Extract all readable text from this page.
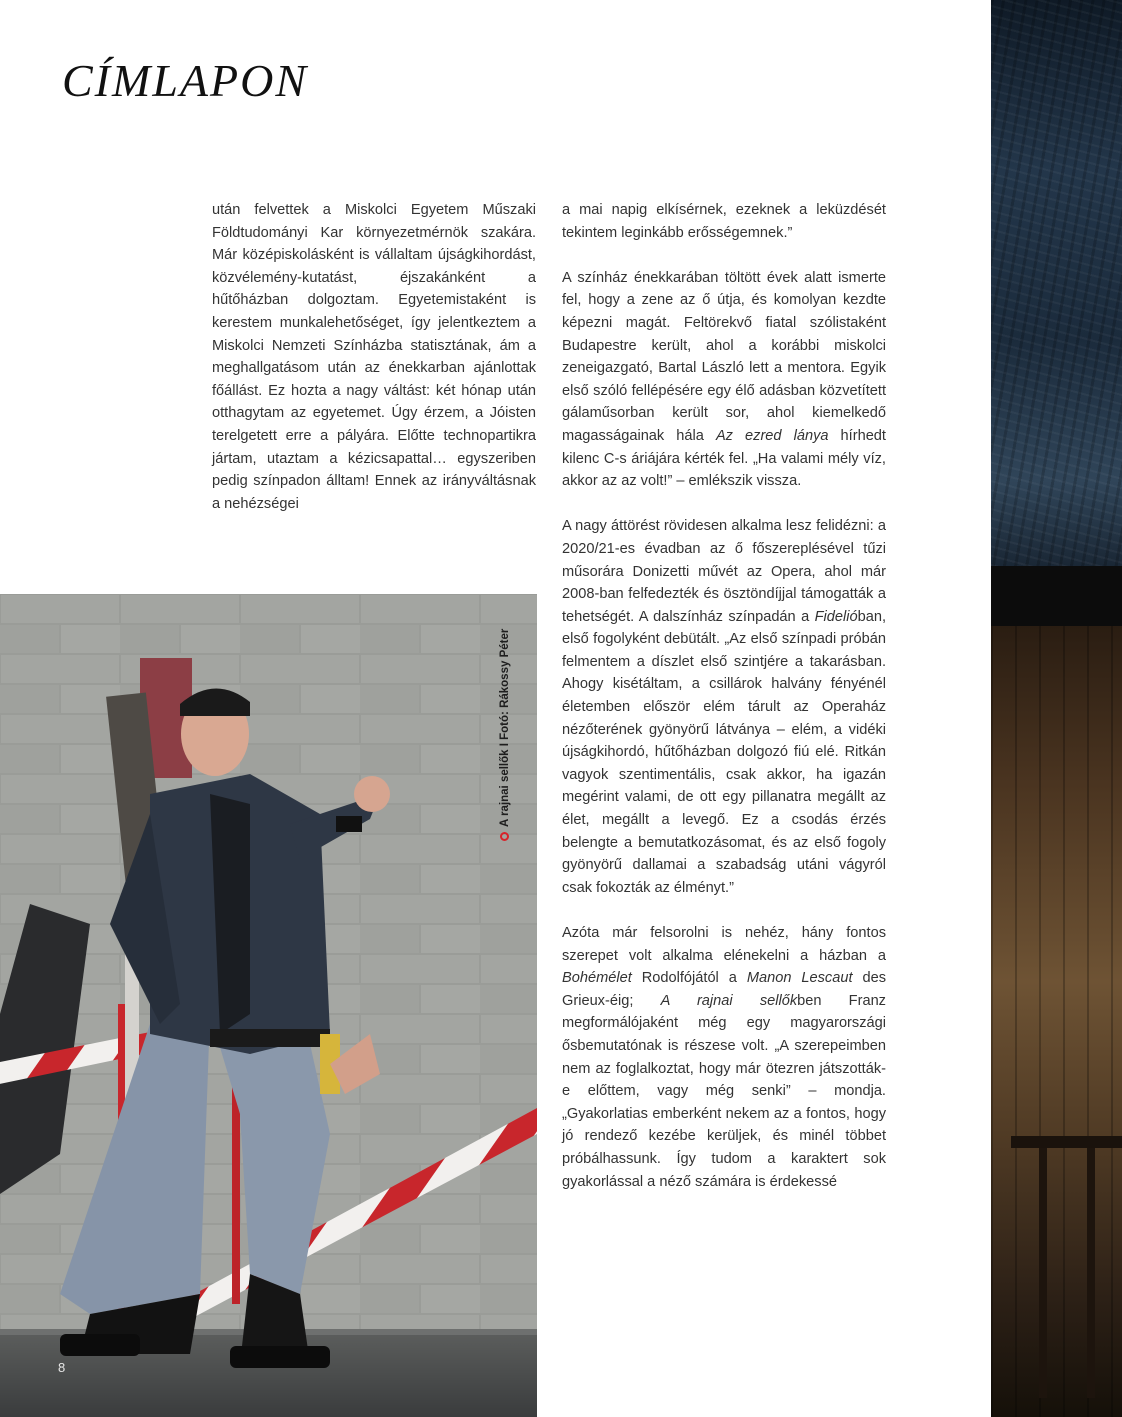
CÍMLAPON

után felvettek a Miskolci Egyetem Műszaki Földtudományi Kar környezetmérnök szakára. Már középiskolásként is vállaltam újságkihordást, közvélemény-kutatást, éjszakánként a hűtőházban dolgoztam. Egyetemistaként is kerestem munkalehetőséget, így jelentkeztem a Miskolci Nemzeti Színházba statisztának, ám a meghallgatásom után az énekkarban ajánlottak főállást. Ez hozta a nagy váltást: két hónap után otthagytam az egyetemet. Úgy érzem, a Jóisten terelgetett erre a pályára. Előtte technopartikra jártam, utaztam a kézicsapattal… egyszeriben pedig színpadon álltam! Ennek az irányváltásnak a nehézségei

a mai napig elkísérnek, ezeknek a leküzdését tekintem leginkább erősségemnek.”

A színház énekkarában töltött évek alatt ismerte fel, hogy a zene az ő útja, és komolyan kezdte képezni magát. Feltörekvő fiatal szólistaként Budapestre került, ahol a korábbi miskolci zeneigazgató, Bartal László lett a mentora. Egyik első szóló fellépésére egy élő adásban közvetített gálaműsorban került sor, ahol kiemelkedő magasságainak hála Az ezred lánya hírhedt kilenc C-s áriájára kérték fel. „Ha valami mély víz, akkor az az volt!” – emlékszik vissza.

A nagy áttörést rövidesen alkalma lesz felidézni: a 2020/21-es évadban az ő főszereplésével tűzi műsorára Donizetti művét az Opera, ahol már 2008-ban felfedezték és ösztöndíjjal támogatták a tehetségét. A dalszínház színpadán a Fidelióban, első fogolyként debütált. „Az első színpadi próbán felmentem a díszlet első szintjére a takarásban. Ahogy kisétáltam, a csillárok halvány fényénél életemben először elém tárult az Operaház nézőterének gyönyörű látványa – elém, a vidéki újságkihordó, hűtőházban dolgozó fiú elé. Ritkán vagyok szentimentális, csak akkor, ha igazán megérint valami, de ott egy pillanatra megállt az élet, megállt a levegő. Ez a csodás érzés belengte a bemutatkozásomat, és az első fogoly gyönyörű dallamai a szabadság utáni vágyról csak fokozták az élményt.”

Azóta már felsorolni is nehéz, hány fontos szerepet volt alkalma elénekelni a házban a Bohémélet Rodolfójától a Manon Lescaut des Grieux-éig; A rajnai sellőkben Franz megformálójaként még egy magyarországi ősbemutatónak is részese volt. „A szerepeimben nem az foglalkoztat, hogy már ötezren játszották-e előttem, vagy még senki” – mondja. „Gyakorlatias emberként nekem az a fontos, hogy jó rendező kezébe kerüljek, és minél többet próbálhassunk. Így tudom a karaktert sok gyakorlással a néző számára is érdekessé

A rajnai sellők I Fotó: Rákossy Péter
8
